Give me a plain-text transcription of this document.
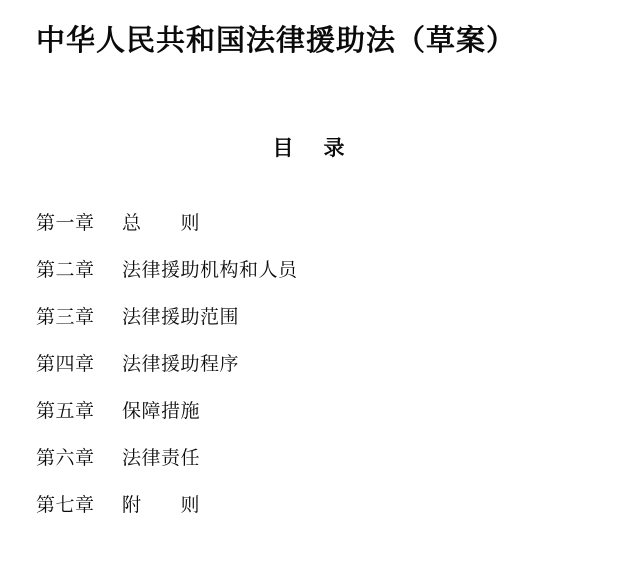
中华人民共和国法律援助法（草案）
目 录
第一章	总　　则
第二章	法律援助机构和人员
第三章	法律援助范围
第四章	法律援助程序
第五章	保障措施
第六章	法律责任
第七章	附　　则
